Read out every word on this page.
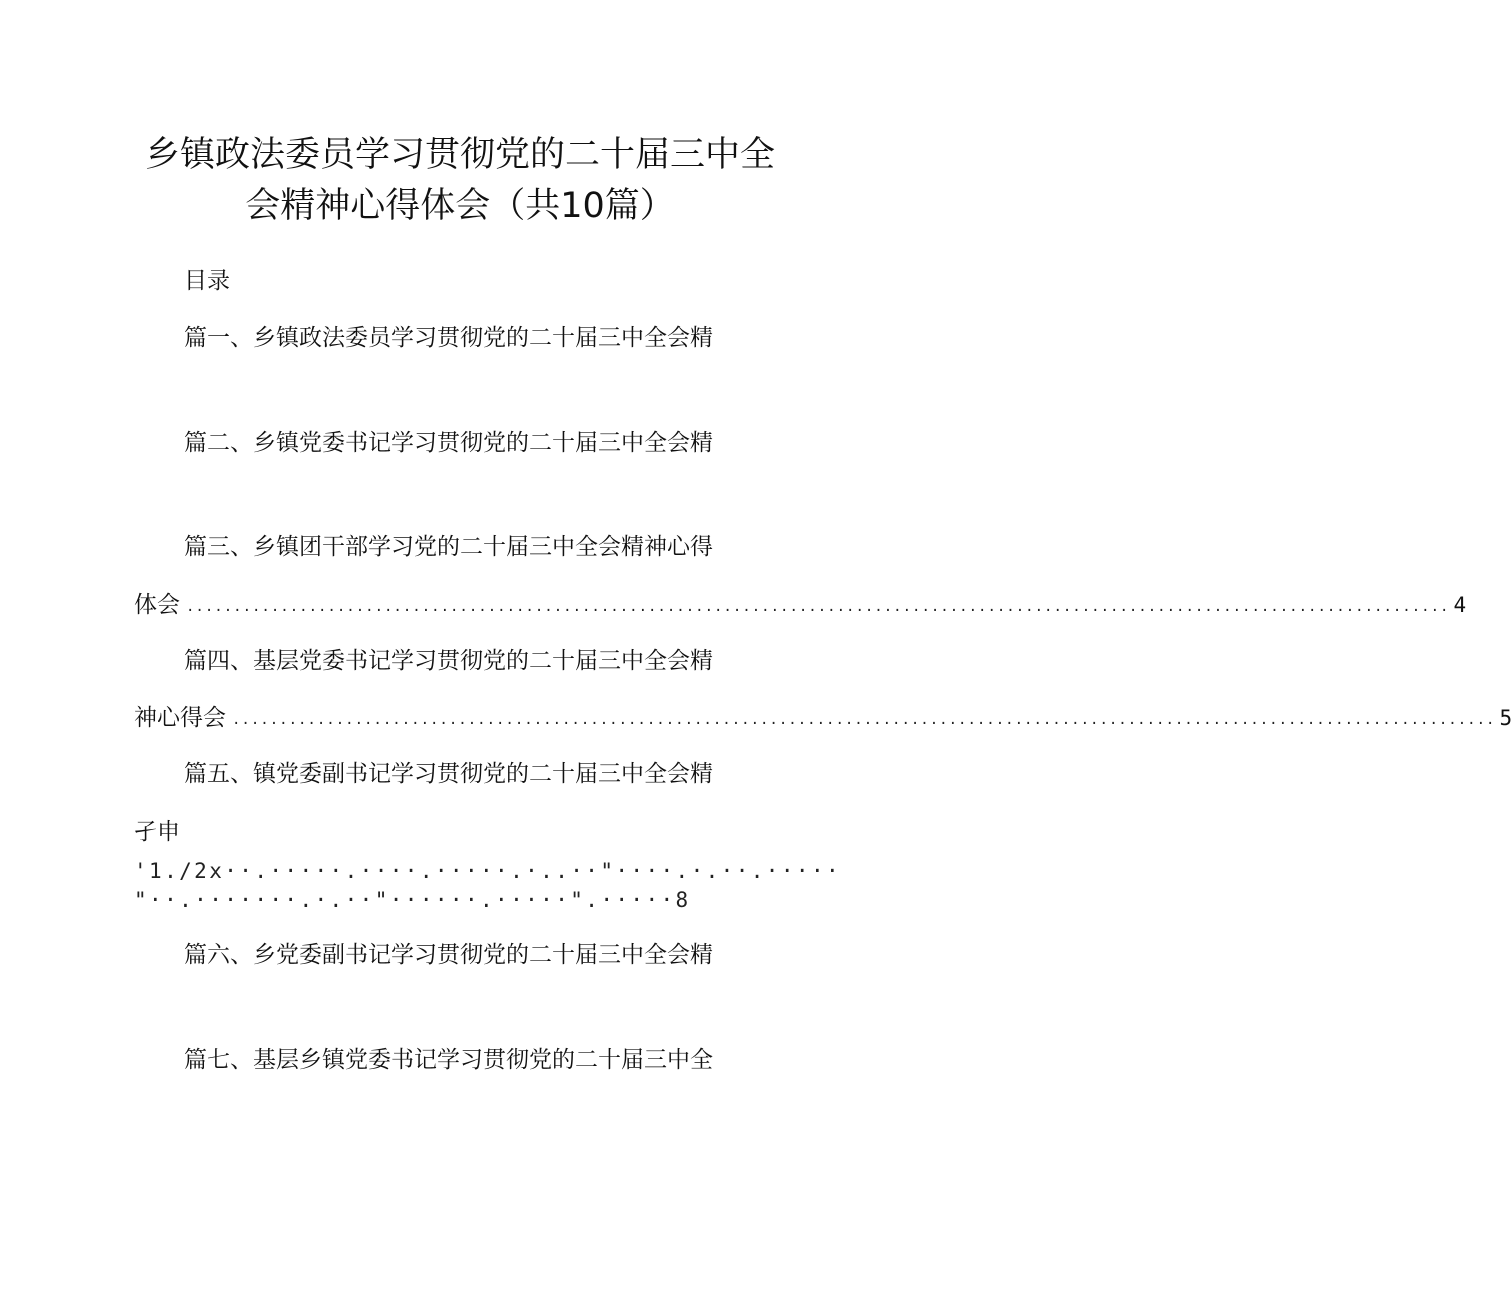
乡镇政法委员学习贯彻党的二十届三中全
会精神心得体会（共10篇）
目录
篇一、乡镇政法委员学习贯彻党的二十届三中全会精
篇二、乡镇党委书记学习贯彻党的二十届三中全会精
篇三、乡镇团干部学习党的二十届三中全会精神心得
体会 ...................................................................................................................................... 4
篇四、基层党委书记学习贯彻党的二十届三中全会精
神心得会 ...................................................................................................................................... 5
篇五、镇党委副书记学习贯彻党的二十届三中全会精
孑申
'1./2x··.·····.····.·····.·..··"····.·.··.·····
"··.·······.·.··"······.·····".·····8
篇六、乡党委副书记学习贯彻党的二十届三中全会精
篇七、基层乡镇党委书记学习贯彻党的二十届三中全
